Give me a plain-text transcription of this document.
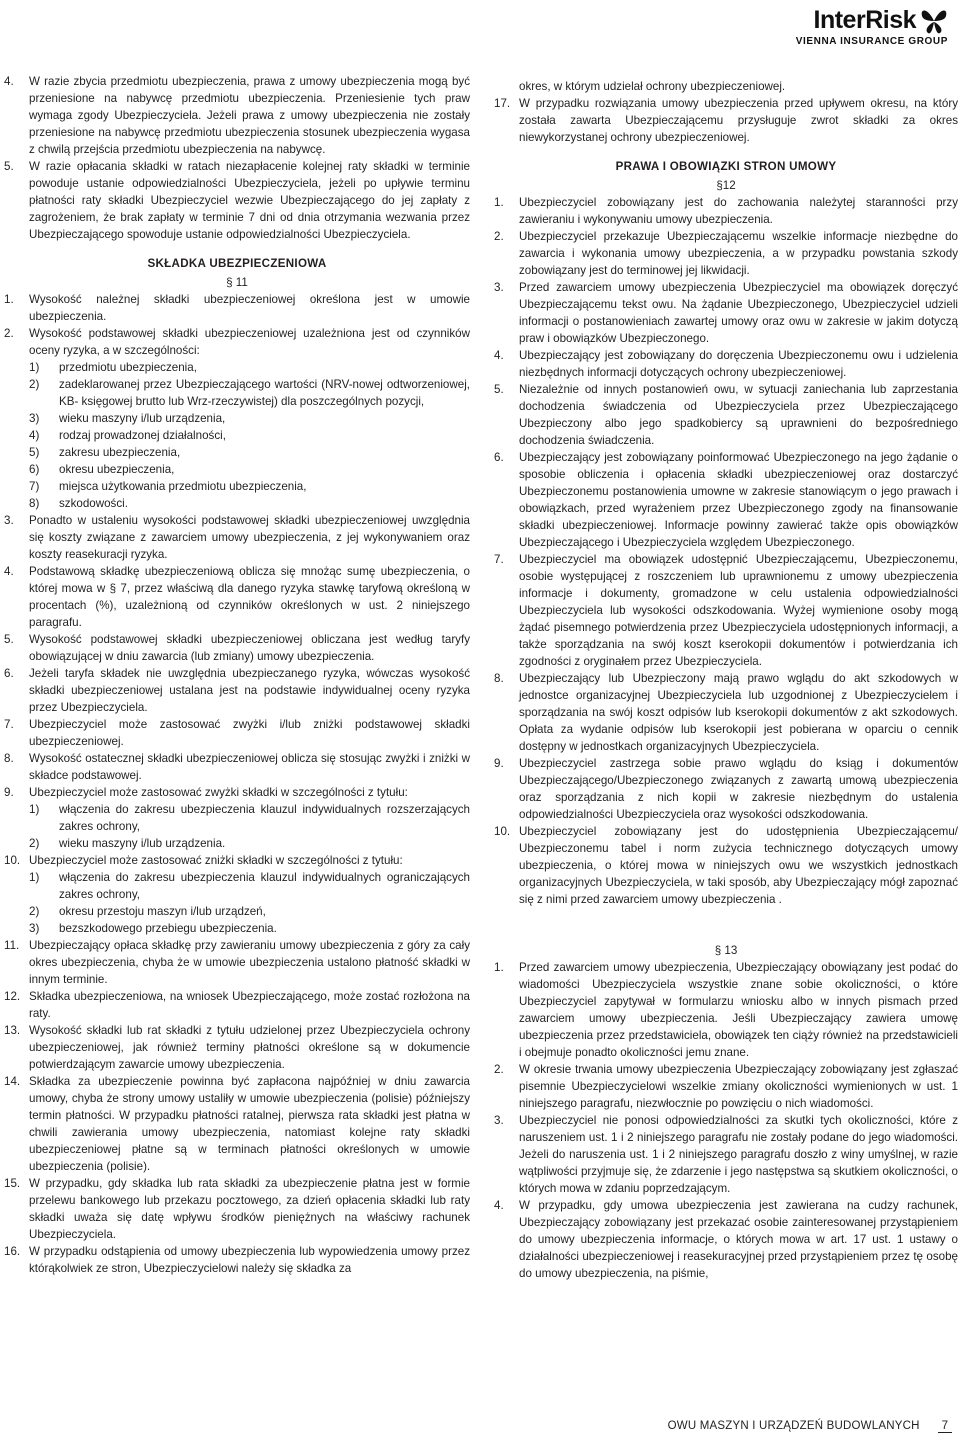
InterRisk
VIENNA INSURANCE GROUP
4. W razie zbycia przedmiotu ubezpieczenia, prawa z umowy ubezpieczenia mogą być przeniesione na nabywcę przedmiotu ubezpieczenia. Przeniesienie tych praw wymaga zgody Ubezpieczyciela. Jeżeli prawa z umowy ubezpieczenia nie zostały przeniesione na nabywcę przedmiotu ubezpieczenia stosunek ubezpieczenia wygasa z chwilą przejścia przedmiotu ubezpieczenia na nabywcę.
5. W razie opłacania składki w ratach niezapłacenie kolejnej raty składki w terminie powoduje ustanie odpowiedzialności Ubezpieczyciela, jeżeli po upływie terminu płatności raty składki Ubezpieczyciel wezwie Ubezpieczającego do jej zapłaty z zagrożeniem, że brak zapłaty w terminie 7 dni od dnia otrzymania wezwania przez Ubezpieczającego spowoduje ustanie odpowiedzialności Ubezpieczyciela.
SKŁADKA UBEZPIECZENIOWA
§ 11
1. Wysokość należnej składki ubezpieczeniowej określona jest w umowie ubezpieczenia.
2. Wysokość podstawowej składki ubezpieczeniowej uzależniona jest od czynników oceny ryzyka, a w szczególności:
1) przedmiotu ubezpieczenia,
2) zadeklarowanej przez Ubezpieczającego wartości (NRV-nowej odtworzeniowej, KB- księgowej brutto lub Wrz-rzeczywistej) dla poszczególnych pozycji,
3) wieku maszyny i/lub urządzenia,
4) rodzaj prowadzonej działalności,
5) zakresu ubezpieczenia,
6) okresu ubezpieczenia,
7) miejsca użytkowania przedmiotu ubezpieczenia,
8) szkodowości.
3. Ponadto w ustaleniu wysokości podstawowej składki ubezpieczeniowej uwzględnia się koszty związane z zawarciem umowy ubezpieczenia, z jej wykonywaniem oraz koszty reasekuracji ryzyka.
4. Podstawową składkę ubezpieczeniową oblicza się mnożąc sumę ubezpieczenia, o której mowa w § 7, przez właściwą dla danego ryzyka stawkę taryfową określoną w procentach (%), uzależnioną od czynników określonych w ust. 2 niniejszego paragrafu.
5. Wysokość podstawowej składki ubezpieczeniowej obliczana jest według taryfy obowiązującej w dniu zawarcia (lub zmiany) umowy ubezpieczenia.
6. Jeżeli taryfa składek nie uwzględnia ubezpieczanego ryzyka, wówczas wysokość składki ubezpieczeniowej ustalana jest na podstawie indywidualnej oceny ryzyka przez Ubezpieczyciela.
7. Ubezpieczyciel może zastosować zwyżki i/lub zniżki podstawowej składki ubezpieczeniowej.
8. Wysokość ostatecznej składki ubezpieczeniowej oblicza się stosując zwyżki i zniżki w składce podstawowej.
9. Ubezpieczyciel może zastosować zwyżki składki w szczególności z tytułu:
1) włączenia do zakresu ubezpieczenia klauzul indywidualnych rozszerzających zakres ochrony,
2) wieku maszyny i/lub urządzenia.
10. Ubezpieczyciel może zastosować zniżki składki w szczególności z tytułu:
1) włączenia do zakresu ubezpieczenia klauzul indywidualnych ograniczających zakres ochrony,
2) okresu przestoju maszyn i/lub urządzeń,
3) bezszkodowego przebiegu ubezpieczenia.
11. Ubezpieczający opłaca składkę przy zawieraniu umowy ubezpieczenia z góry za cały okres ubezpieczenia, chyba że w umowie ubezpieczenia ustalono płatność składki w innym terminie.
12. Składka ubezpieczeniowa, na wniosek Ubezpieczającego, może zostać rozłożona na raty.
13. Wysokość składki lub rat składki z tytułu udzielonej przez Ubezpieczyciela ochrony ubezpieczeniowej, jak również terminy płatności określone są w dokumencie potwierdzającym zawarcie umowy ubezpieczenia.
14. Składka za ubezpieczenie powinna być zapłacona najpóźniej w dniu zawarcia umowy, chyba że strony umowy ustaliły w umowie ubezpieczenia (polisie) późniejszy termin płatności. W przypadku płatności ratalnej, pierwsza rata składki jest płatna w chwili zawierania umowy ubezpieczenia, natomiast kolejne raty składki ubezpieczeniowej płatne są w terminach płatności określonych w umowie ubezpieczenia (polisie).
15. W przypadku, gdy składka lub rata składki za ubezpieczenie płatna jest w formie przelewu bankowego lub przekazu pocztowego, za dzień opłacenia składki lub raty składki uważa się datę wpływu środków pieniężnych na właściwy rachunek Ubezpieczyciela.
16. W przypadku odstąpienia od umowy ubezpieczenia lub wypowiedzenia umowy przez którąkolwiek ze stron, Ubezpieczycielowi należy się składka za
okres, w którym udzielał ochrony ubezpieczeniowej.
17. W przypadku rozwiązania umowy ubezpieczenia przed upływem okresu, na który została zawarta Ubezpieczającemu przysługuje zwrot składki za okres niewykorzystanej ochrony ubezpieczeniowej.
PRAWA I OBOWIĄZKI STRON UMOWY
§12
1. Ubezpieczyciel zobowiązany jest do zachowania należytej staranności przy zawieraniu i wykonywaniu umowy ubezpieczenia.
2. Ubezpieczyciel przekazuje Ubezpieczającemu wszelkie informacje niezbędne do zawarcia i wykonania umowy ubezpieczenia, a w przypadku powstania szkody zobowiązany jest do terminowej jej likwidacji.
3. Przed zawarciem umowy ubezpieczenia Ubezpieczyciel ma obowiązek doręczyć Ubezpieczającemu tekst owu. Na żądanie Ubezpieczonego, Ubezpieczyciel udzieli informacji o postanowieniach zawartej umowy oraz owu w zakresie w jakim dotyczą praw i obowiązków Ubezpieczonego.
4. Ubezpieczający jest zobowiązany do doręczenia Ubezpieczonemu owu i udzielenia niezbędnych informacji dotyczących ochrony ubezpieczeniowej.
5. Niezależnie od innych postanowień owu, w sytuacji zaniechania lub zaprzestania dochodzenia świadczenia od Ubezpieczyciela przez Ubezpieczającego Ubezpieczony albo jego spadkobiercy są uprawnieni do bezpośredniego dochodzenia świadczenia.
6. Ubezpieczający jest zobowiązany poinformować Ubezpieczonego na jego żądanie o sposobie obliczenia i opłacenia składki ubezpieczeniowej oraz dostarczyć Ubezpieczonemu postanowienia umowne w zakresie stanowiącym o jego prawach i obowiązkach, przed wyrażeniem przez Ubezpieczonego zgody na finansowanie składki ubezpieczeniowej. Informacje powinny zawierać także opis obowiązków Ubezpieczającego i Ubezpieczyciela względem Ubezpieczonego.
7. Ubezpieczyciel ma obowiązek udostępnić Ubezpieczającemu, Ubezpieczonemu, osobie występującej z roszczeniem lub uprawnionemu z umowy ubezpieczenia informacje i dokumenty, gromadzone w celu ustalenia odpowiedzialności Ubezpieczyciela lub wysokości odszkodowania. Wyżej wymienione osoby mogą żądać pisemnego potwierdzenia przez Ubezpieczyciela udostępnionych informacji, a także sporządzania na swój koszt kserokopii dokumentów i potwierdzania ich zgodności z oryginałem przez Ubezpieczyciela.
8. Ubezpieczający lub Ubezpieczony mają prawo wglądu do akt szkodowych w jednostce organizacyjnej Ubezpieczyciela lub uzgodnionej z Ubezpieczycielem i sporządzania na swój koszt odpisów lub kserokopii dokumentów z akt szkodowych. Opłata za wydanie odpisów lub kserokopii jest pobierana w oparciu o cennik dostępny w jednostkach organizacyjnych Ubezpieczyciela.
9. Ubezpieczyciel zastrzega sobie prawo wglądu do ksiąg i dokumentów Ubezpieczającego/Ubezpieczonego związanych z zawartą umową ubezpieczenia oraz sporządzania z nich kopii w zakresie niezbędnym do ustalenia odpowiedzialności Ubezpieczyciela oraz wysokości odszkodowania.
10. Ubezpieczyciel zobowiązany jest do udostępnienia Ubezpieczającemu/ Ubezpieczonemu tabel i norm zużycia technicznego dotyczących umowy ubezpieczenia, o której mowa w niniejszych owu we wszystkich jednostkach organizacyjnych Ubezpieczyciela, w taki sposób, aby Ubezpieczający mógł zapoznać się z nimi przed zawarciem umowy ubezpieczenia .
§ 13
1. Przed zawarciem umowy ubezpieczenia, Ubezpieczający obowiązany jest podać do wiadomości Ubezpieczyciela wszystkie znane sobie okoliczności, o które Ubezpieczyciel zapytywał w formularzu wniosku albo w innych pismach przed zawarciem umowy ubezpieczenia. Jeśli Ubezpieczający zawiera umowę ubezpieczenia przez przedstawiciela, obowiązek ten ciąży również na przedstawicieli i obejmuje ponadto okoliczności jemu znane.
2. W okresie trwania umowy ubezpieczenia Ubezpieczający zobowiązany jest zgłaszać pisemnie Ubezpieczycielowi wszelkie zmiany okoliczności wymienionych w ust. 1 niniejszego paragrafu, niezwłocznie po powzięciu o nich wiadomości.
3. Ubezpieczyciel nie ponosi odpowiedzialności za skutki tych okoliczności, które z naruszeniem ust. 1 i 2 niniejszego paragrafu nie zostały podane do jego wiadomości. Jeżeli do naruszenia ust. 1 i 2 niniejszego paragrafu doszło z winy umyślnej, w razie wątpliwości przyjmuje się, że zdarzenie i jego następstwa są skutkiem okoliczności, o których mowa w zdaniu poprzedzającym.
4. W przypadku, gdy umowa ubezpieczenia jest zawierana na cudzy rachunek, Ubezpieczający zobowiązany jest przekazać osobie zainteresowanej przystąpieniem do umowy ubezpieczenia informacje, o których mowa w art. 17 ust. 1 ustawy o działalności ubezpieczeniowej i reasekuracyjnej przed przystąpieniem przez tę osobę do umowy ubezpieczenia, na piśmie,
OWU MASZYN I URZĄDZEŃ BUDOWLANYCH	7
